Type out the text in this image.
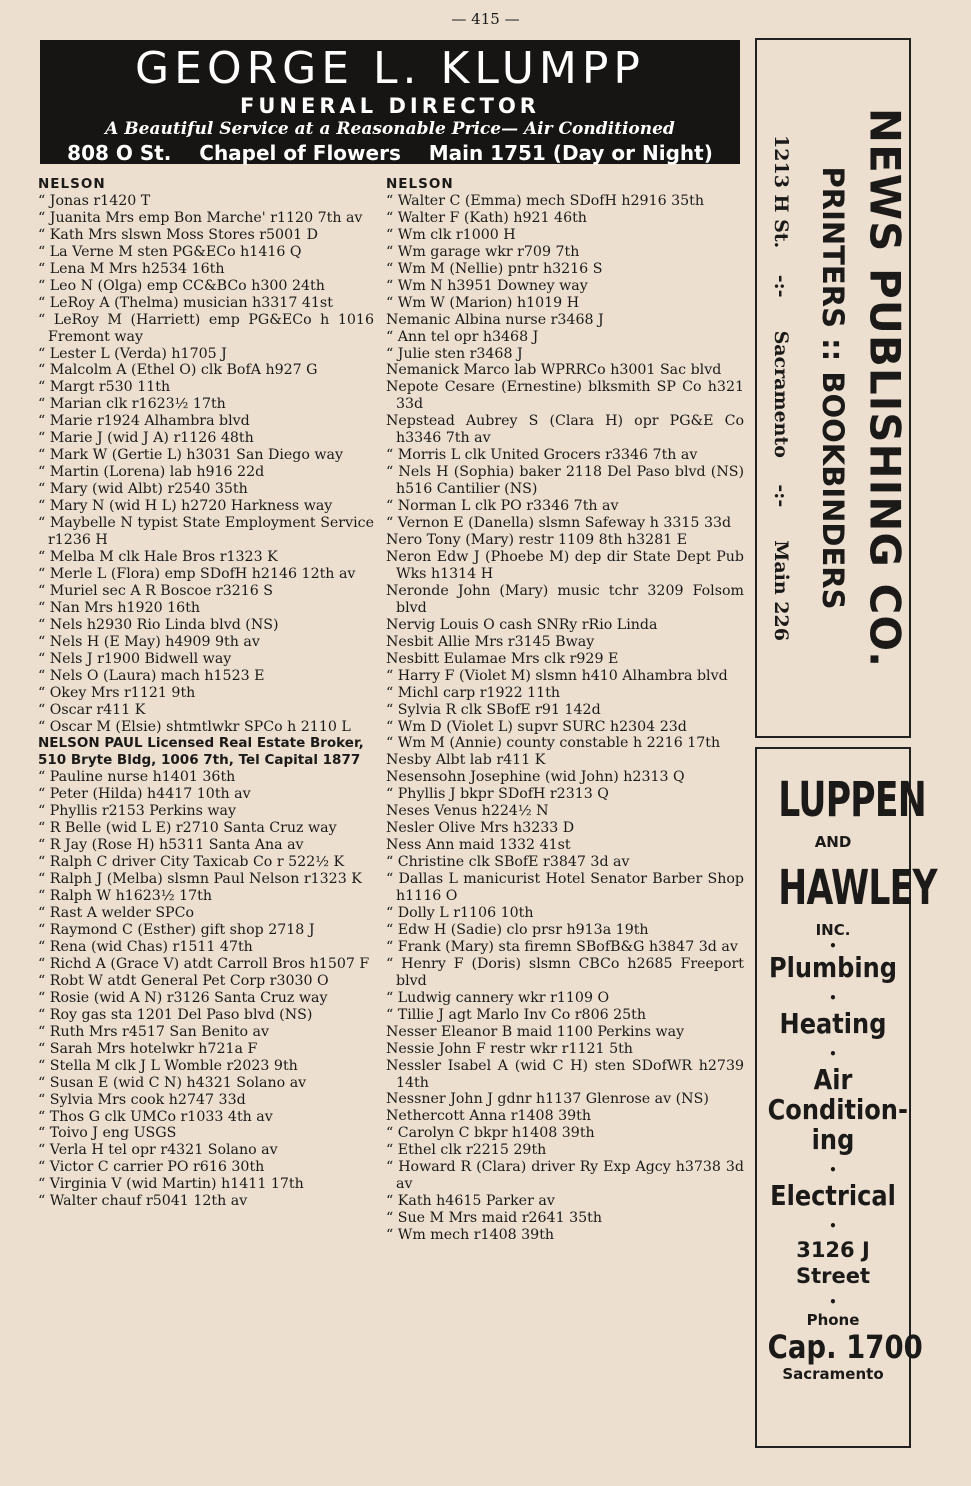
— 415 —
GEORGE L. KLUMPP
FUNERAL DIRECTOR
A Beautiful Service at a Reasonable Price— Air Conditioned
808 O St. Chapel of Flowers Main 1751 (Day or Night)
NELSON
“ Jonas r1420 T
“ Juanita Mrs emp Bon Marche' r1120 7th av
“ Kath Mrs slswn Moss Stores r5001 D
“ La Verne M sten PG&ECo h1416 Q
“ Lena M Mrs h2534 16th
“ Leo N (Olga) emp CC&BCo h300 24th
“ LeRoy A (Thelma) musician h3317 41st
“ LeRoy M (Harriett) emp PG&ECo h 1016 Fremont way
“ Lester L (Verda) h1705 J
“ Malcolm A (Ethel O) clk BofA h927 G
“ Margt r530 11th
“ Marian clk r1623½ 17th
“ Marie r1924 Alhambra blvd
“ Marie J (wid J A) r1126 48th
“ Mark W (Gertie L) h3031 San Diego way
“ Martin (Lorena) lab h916 22d
“ Mary (wid Albt) r2540 35th
“ Mary N (wid H L) h2720 Harkness way
“ Maybelle N typist State Employment Service r1236 H
“ Melba M clk Hale Bros r1323 K
“ Merle L (Flora) emp SDofH h2146 12th av
“ Muriel sec A R Boscoe r3216 S
“ Nan Mrs h1920 16th
“ Nels h2930 Rio Linda blvd (NS)
“ Nels H (E May) h4909 9th av
“ Nels J r1900 Bidwell way
“ Nels O (Laura) mach h1523 E
“ Okey Mrs r1121 9th
“ Oscar r411 K
“ Oscar M (Elsie) shtmtlwkr SPCo h 2110 L
NELSON PAUL Licensed Real Estate Broker, 510 Bryte Bldg, 1006 7th, Tel Capital 1877
“ Pauline nurse h1401 36th
“ Peter (Hilda) h4417 10th av
“ Phyllis r2153 Perkins way
“ R Belle (wid L E) r2710 Santa Cruz way
“ R Jay (Rose H) h5311 Santa Ana av
“ Ralph C driver City Taxicab Co r 522½ K
“ Ralph J (Melba) slsmn Paul Nelson r1323 K
“ Ralph W h1623½ 17th
“ Rast A welder SPCo
“ Raymond C (Esther) gift shop 2718 J
“ Rena (wid Chas) r1511 47th
“ Richd A (Grace V) atdt Carroll Bros h1507 F
“ Robt W atdt General Pet Corp r3030 O
“ Rosie (wid A N) r3126 Santa Cruz way
“ Roy gas sta 1201 Del Paso blvd (NS)
“ Ruth Mrs r4517 San Benito av
“ Sarah Mrs hotelwkr h721a F
“ Stella M clk J L Womble r2023 9th
“ Susan E (wid C N) h4321 Solano av
“ Sylvia Mrs cook h2747 33d
“ Thos G clk UMCo r1033 4th av
“ Toivo J eng USGS
“ Verla H tel opr r4321 Solano av
“ Victor C carrier PO r616 30th
“ Virginia V (wid Martin) h1411 17th
“ Walter chauf r5041 12th av
NELSON
“ Walter C (Emma) mech SDofH h2916 35th
“ Walter F (Kath) h921 46th
“ Wm clk r1000 H
“ Wm garage wkr r709 7th
“ Wm M (Nellie) pntr h3216 S
“ Wm N h3951 Downey way
“ Wm W (Marion) h1019 H
Nemanic Albina nurse r3468 J
“ Ann tel opr h3468 J
“ Julie sten r3468 J
Nemanick Marco lab WPRRCo h3001 Sac blvd
Nepote Cesare (Ernestine) blksmith SP Co h321 33d
Nepstead Aubrey S (Clara H) opr PG&E Co h3346 7th av
“ Morris L clk United Grocers r3346 7th av
“ Nels H (Sophia) baker 2118 Del Paso blvd (NS) h516 Cantilier (NS)
“ Norman L clk PO r3346 7th av
“ Vernon E (Danella) slsmn Safeway h 3315 33d
Nero Tony (Mary) restr 1109 8th h3281 E
Neron Edw J (Phoebe M) dep dir State Dept Pub Wks h1314 H
Neronde John (Mary) music tchr 3209 Folsom blvd
Nervig Louis O cash SNRy rRio Linda
Nesbit Allie Mrs r3145 Bway
Nesbitt Eulamae Mrs clk r929 E
“ Harry F (Violet M) slsmn h410 Alhambra blvd
“ Michl carp r1922 11th
“ Sylvia R clk SBofE r91 142d
“ Wm D (Violet L) supvr SURC h2304 23d
“ Wm M (Annie) county constable h 2216 17th
Nesby Albt lab r411 K
Nesensohn Josephine (wid John) h2313 Q
“ Phyllis J bkpr SDofH r2313 Q
Neses Venus h224½ N
Nesler Olive Mrs h3233 D
Ness Ann maid 1332 41st
“ Christine clk SBofE r3847 3d av
“ Dallas L manicurist Hotel Senator Barber Shop h1116 O
“ Dolly L r1106 10th
“ Edw H (Sadie) clo prsr h913a 19th
“ Frank (Mary) sta firemn SBofB&G h3847 3d av
“ Henry F (Doris) slsmn CBCo h2685 Freeport blvd
“ Ludwig cannery wkr r1109 O
“ Tillie J agt Marlo Inv Co r806 25th
Nesser Eleanor B maid 1100 Perkins way
Nessie John F restr wkr r1121 5th
Nessler Isabel A (wid C H) sten SDofWR h2739 14th
Nessner John J gdnr h1137 Glenrose av (NS)
Nethercott Anna r1408 39th
“ Carolyn C bkpr h1408 39th
“ Ethel clk r2215 29th
“ Howard R (Clara) driver Ry Exp Agcy h3738 3d av
“ Kath h4615 Parker av
“ Sue M Mrs maid r2641 35th
“ Wm mech r1408 39th
NEWS PUBLISHING CO.
PRINTERS :: BOOKBINDERS
1213 H St.    -:-     Sacramento    -:-     Main 226
LUPPEN
AND
HAWLEY
INC.
•
Plumbing
•
Heating
•
Air
Condition-
ing
•
Electrical
•
3126 J Street
•
Phone
Cap. 1700
Sacramento
